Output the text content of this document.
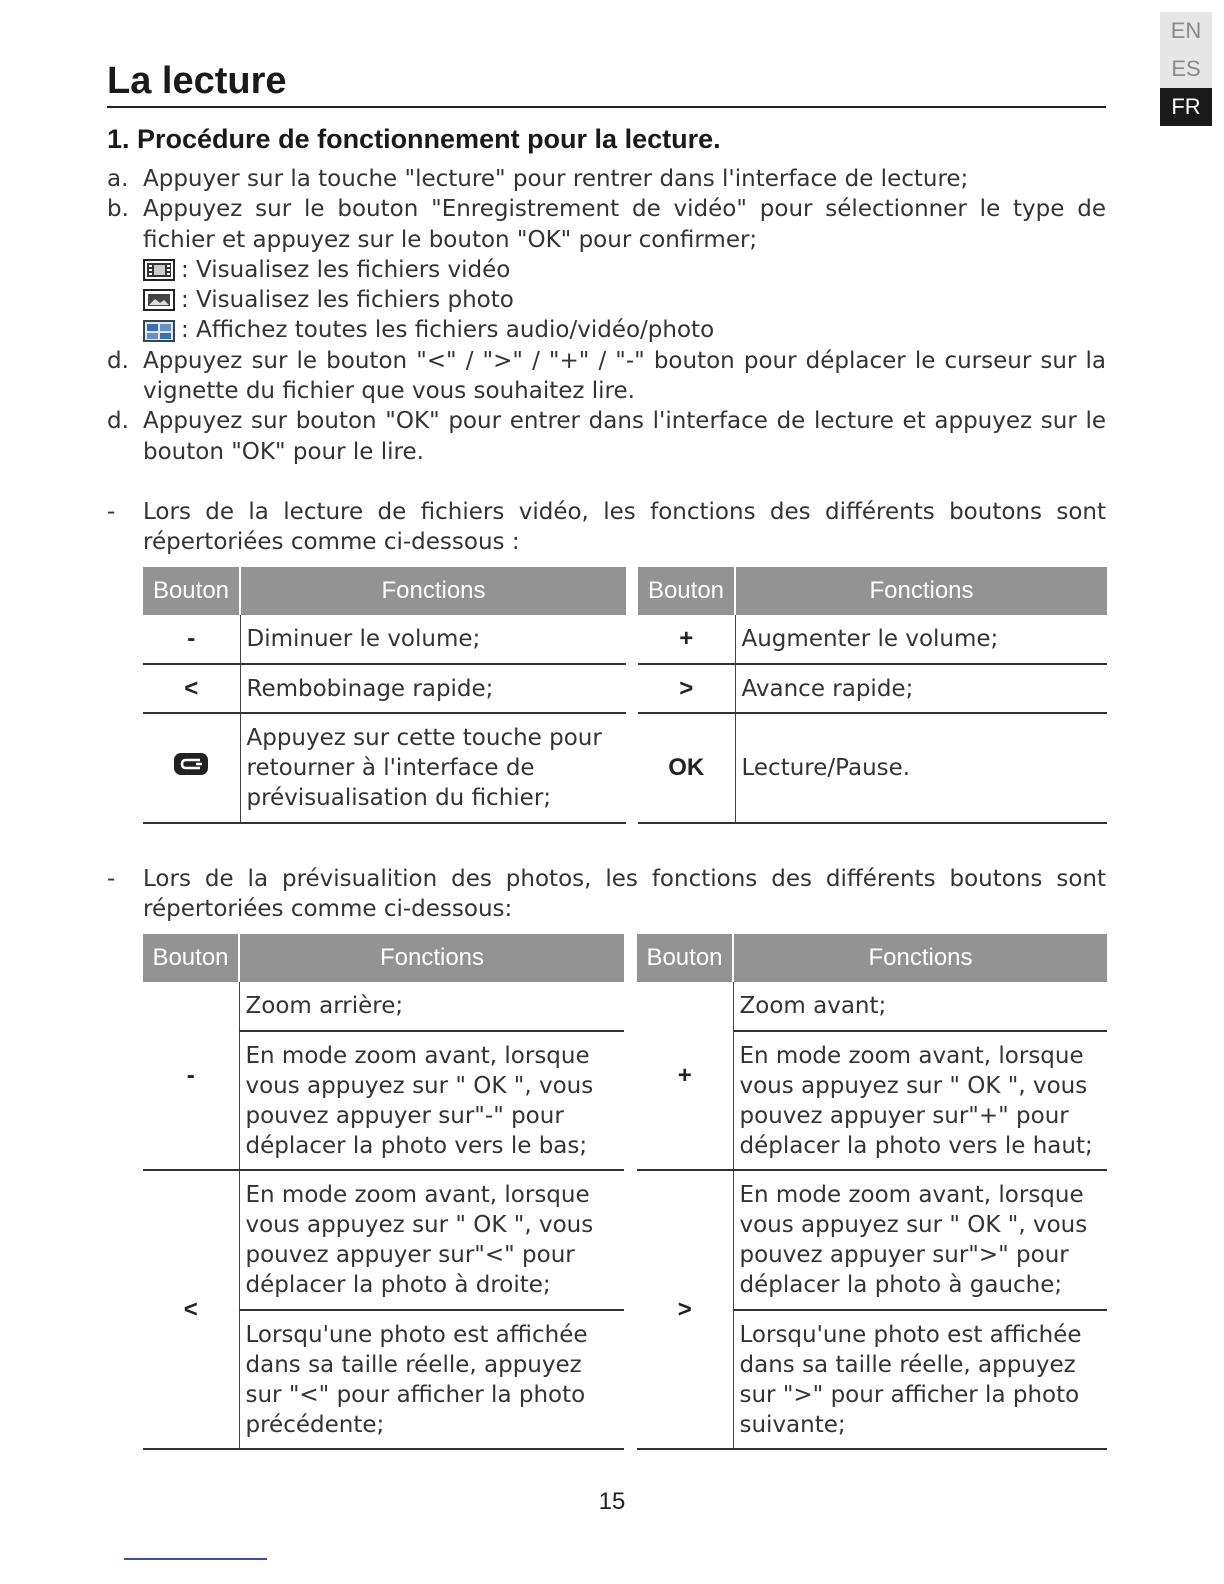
EN
ES
FR
La lecture
1. Procédure de fonctionnement pour la lecture.
a. Appuyer sur la touche "lecture" pour rentrer dans l'interface de lecture;
b. Appuyez sur le bouton "Enregistrement de vidéo" pour sélectionner le type de fichier et appuyez sur le bouton "OK" pour confirmer;
: Visualisez les fichiers vidéo
: Visualisez les fichiers photo
: Affichez toutes les fichiers audio/vidéo/photo
d. Appuyez sur le bouton "<" / ">" / "+" / "-" bouton pour déplacer le curseur sur la vignette du fichier que vous souhaitez lire.
d. Appuyez sur bouton "OK" pour entrer dans l'interface de lecture et appuyez sur le bouton "OK" pour le lire.
-	Lors de la lecture de fichiers vidéo, les fonctions des différents boutons sont répertoriées comme ci-dessous :
Bouton	Fonctions
-	Diminuer le volume;
<	Rembobinage rapide;
	Appuyez sur cette touche pour retourner à l'interface de prévisualisation du fichier;
Bouton	Fonctions
+	Augmenter le volume;
>	Avance rapide;
OK	Lecture/Pause.
-	Lors de la prévisualition des photos, les fonctions des différents boutons sont répertoriées comme ci-dessous:
Bouton	Fonctions
-	Zoom arrière;
	En mode zoom avant, lorsque vous appuyez sur " OK ", vous pouvez appuyer sur"-" pour déplacer la photo vers le bas;
<	En mode zoom avant, lorsque vous appuyez sur " OK ", vous pouvez appuyer sur"<" pour déplacer la photo à droite;
	Lorsqu'une photo est affichée dans sa taille réelle, appuyez sur "<" pour afficher la photo précédente;
Bouton	Fonctions
+	Zoom avant;
	En mode zoom avant, lorsque vous appuyez sur " OK ", vous pouvez appuyer sur"+" pour déplacer la photo vers le haut;
>	En mode zoom avant, lorsque vous appuyez sur " OK ", vous pouvez appuyer sur">" pour déplacer la photo à gauche;
	Lorsqu'une photo est affichée dans sa taille réelle, appuyez sur ">" pour afficher la photo suivante;
15
